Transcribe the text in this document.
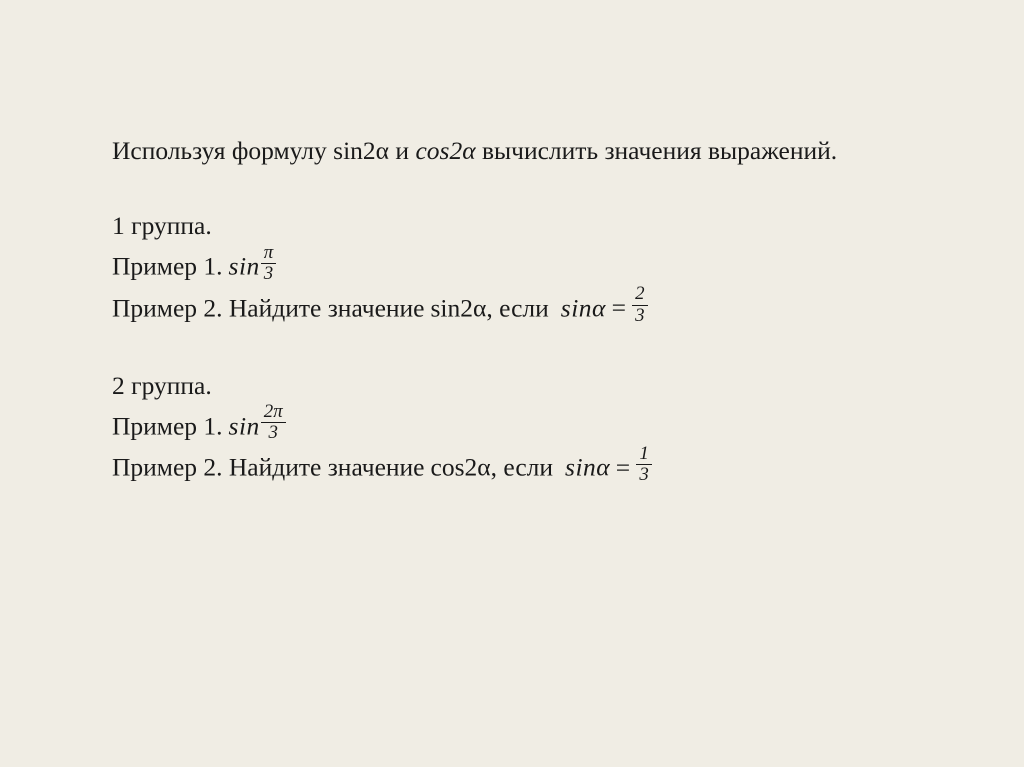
Используя формулу sin2α и cos2α вычислить значения выражений.
1 группа.
Пример 1. $\sin \frac{\pi}{3}$
Пример 2. Найдите значение sin2α, если $\sin\alpha = \frac{2}{3}$
2 группа.
Пример 1. $\sin \frac{2\pi}{3}$
Пример 2. Найдите значение cos2α, если $\sin\alpha = \frac{1}{3}$
